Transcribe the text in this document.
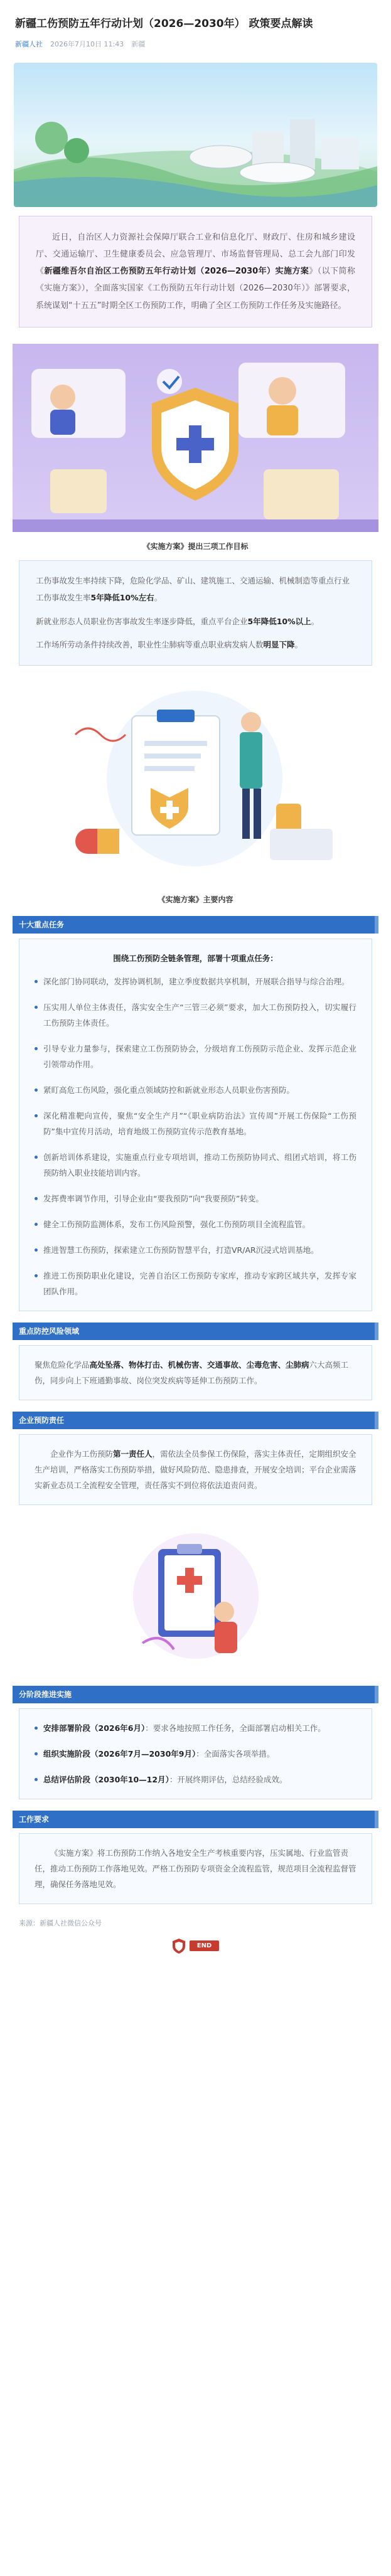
新疆工伤预防五年行动计划（2026—2030年） 政策要点解读
新疆人社 2026年7月10日 11:43 新疆

近日，自治区人力资源社会保障厅联合工业和信息化厅、财政厅、住房和城乡建设厅、交通运输厅、卫生健康委员会、应急管理厅、市场监督管理局、总工会九部门印发《新疆维吾尔自治区工伤预防五年行动计划（2026—2030年）实施方案》（以下简称《实施方案》），全面落实国家《工伤预防五年行动计划（2026—2030年）》部署要求，系统谋划“十五五”时期全区工伤预防工作，明确了全区工伤预防工作任务及实施路径。

《实施方案》提出三项工作目标

工伤事故发生率持续下降，危险化学品、矿山、建筑施工、交通运输、机械制造等重点行业工伤事故发生率5年降低10%左右。

新就业形态人员职业伤害事故发生率逐步降低，重点平台企业5年降低10%以上。

工作场所劳动条件持续改善，职业性尘肺病等重点职业病发病人数明显下降。

《实施方案》主要内容
十大重点任务
围绕工伤预防全链条管理，部署十项重点任务：
深化部门协同联动，发挥协调机制，建立季度数据共享机制，开展联合指导与综合治理。
压实用人单位主体责任，落实安全生产“三管三必须”要求，加大工伤预防投入，切实履行工伤预防主体责任。
引导专业力量参与，探索建立工伤预防协会，分级培育工伤预防示范企业、发挥示范企业引领带动作用。
紧盯高危工伤风险，强化重点领域防控和新就业形态人员职业伤害预防。
深化精准靶向宣传，聚焦“安全生产月”“《职业病防治法》宣传周”开展工伤保险“工伤预防”集中宣传月活动，培育地级工伤预防宣传示范教育基地。
创新培训体系建设，实施重点行业专项培训，推动工伤预防协同式、组团式培训，将工伤预防纳入职业技能培训内容。
发挥费率调节作用，引导企业由“要我预防”向“我要预防”转变。
健全工伤预防监测体系，发布工伤风险预警，强化工伤预防项目全流程监管。
推进智慧工伤预防，探索建立工伤预防智慧平台，打造VR/AR沉浸式培训基地。
推进工伤预防职业化建设，完善自治区工伤预防专家库，推动专家跨区域共享，发挥专家团队作用。
重点防控风险领域

聚焦危险化学品高处坠落、物体打击、机械伤害、交通事故、尘毒危害、尘肺病六大高频工伤，同步向上下班通勤事故、岗位突发疾病等延伸工伤预防工作。

企业预防责任

企业作为工伤预防第一责任人，需依法全员参保工伤保险，落实主体责任，定期组织安全生产培训，严格落实工伤预防举措，做好风险防范、隐患排查，开展安全培训；平台企业需落实新业态员工全流程安全管理，责任落实不到位将依法追责问责。

分阶段推进实施
安排部署阶段（2026年6月）：要求各地按照工作任务，全面部署启动相关工作。
组织实施阶段（2026年7月—2030年9月）：全面落实各项举措。
总结评估阶段（2030年10—12月）：开展终期评估，总结经验成效。
工作要求

《实施方案》将工伤预防工作纳入各地安全生产考核重要内容，压实属地、行业监管责任，推动工伤预防工作落地见效。严格工伤预防专项资金全流程监管，规范项目全流程监督管理，确保任务落地见效。

来源：新疆人社微信公众号
END
